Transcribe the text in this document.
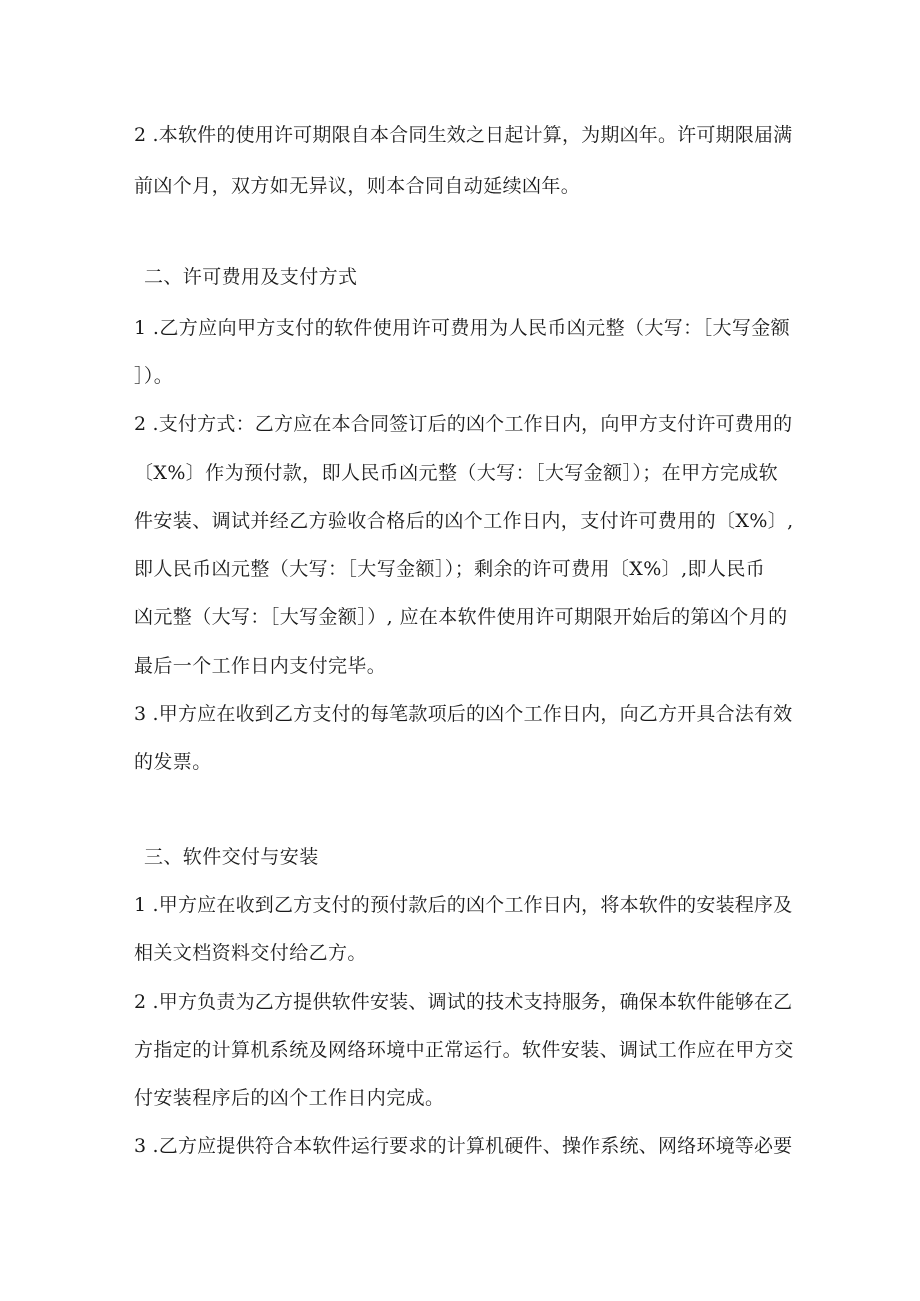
2 .本软件的使用许可期限自本合同生效之日起计算，为期凶年。许可期限届满
前凶个月，双方如无异议，则本合同自动延续凶年。
二、许可费用及支付方式
1 .乙方应向甲方支付的软件使用许可费用为人民币凶元整（大写：［大写金额
］）。
2 .支付方式：乙方应在本合同签订后的凶个工作日内，向甲方支付许可费用的
〔X%〕作为预付款，即人民币凶元整（大写：［大写金额］）；在甲方完成软
件安装、调试并经乙方验收合格后的凶个工作日内，支付许可费用的〔X%〕,
即人民币凶元整（大写：［大写金额］）；剩余的许可费用〔X%〕,即人民币
凶元整（大写：［大写金额］）, 应在本软件使用许可期限开始后的第凶个月的
最后一个工作日内支付完毕。
3 .甲方应在收到乙方支付的每笔款项后的凶个工作日内，向乙方开具合法有效
的发票。
三、软件交付与安装
1 .甲方应在收到乙方支付的预付款后的凶个工作日内，将本软件的安装程序及
相关文档资料交付给乙方。
2 .甲方负责为乙方提供软件安装、调试的技术支持服务，确保本软件能够在乙
方指定的计算机系统及网络环境中正常运行。软件安装、调试工作应在甲方交
付安装程序后的凶个工作日内完成。
3 .乙方应提供符合本软件运行要求的计算机硬件、操作系统、网络环境等必要
